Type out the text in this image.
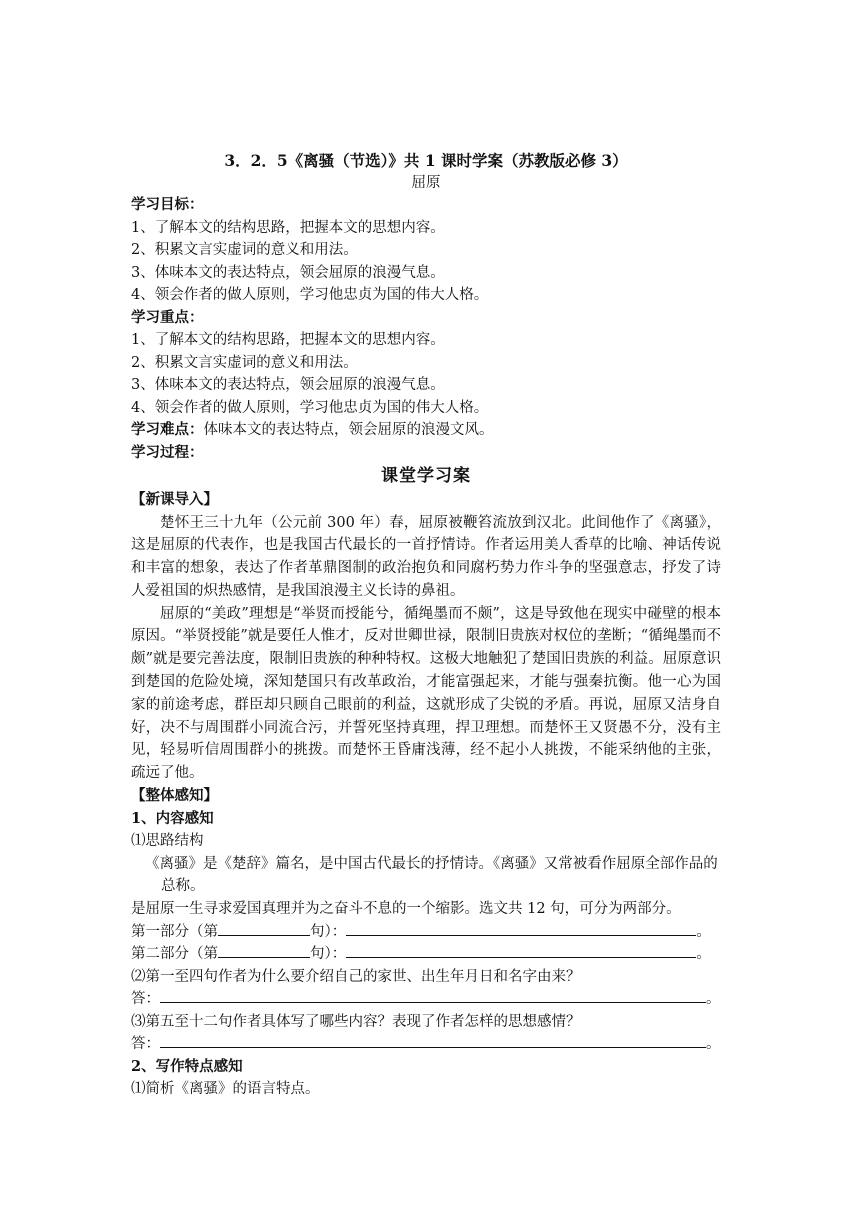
3．2．5《离骚（节选）》共 1 课时学案（苏教版必修 3）
屈原
学习目标：
1、了解本文的结构思路，把握本文的思想内容。
2、积累文言实虚词的意义和用法。
3、体味本文的表达特点，领会屈原的浪漫气息。
4、领会作者的做人原则，学习他忠贞为国的伟大人格。
学习重点：
1、了解本文的结构思路，把握本文的思想内容。
2、积累文言实虚词的意义和用法。
3、体味本文的表达特点，领会屈原的浪漫气息。
4、领会作者的做人原则，学习他忠贞为国的伟大人格。
学习难点：体味本文的表达特点，领会屈原的浪漫文风。
学习过程：
课堂学习案
【新课导入】

楚怀王三十九年（公元前 300 年）春，屈原被鞭笞流放到汉北。此间他作了《离骚》，这是屈原的代表作，也是我国古代最长的一首抒情诗。作者运用美人香草的比喻、神话传说和丰富的想象，表达了作者革鼎图制的政治抱负和同腐朽势力作斗争的坚强意志，抒发了诗人爱祖国的炽热感情，是我国浪漫主义长诗的鼻祖。

屈原的“美政”理想是“举贤而授能兮，循绳墨而不颇”，这是导致他在现实中碰壁的根本原因。“举贤授能”就是要任人惟才，反对世卿世禄，限制旧贵族对权位的垄断；“循绳墨而不颇”就是要完善法度，限制旧贵族的种种特权。这极大地触犯了楚国旧贵族的利益。屈原意识到楚国的危险处境，深知楚国只有改革政治，才能富强起来，才能与强秦抗衡。他一心为国家的前途考虑，群臣却只顾自己眼前的利益，这就形成了尖锐的矛盾。再说，屈原又洁身自好，决不与周围群小同流合污，并誓死坚持真理，捍卫理想。而楚怀王又贤愚不分，没有主见，轻易听信周围群小的挑拨。而楚怀王昏庸浅薄，经不起小人挑拨，不能采纳他的主张，疏远了他。

【整体感知】
1、内容感知
⑴思路结构

《离骚》是《楚辞》篇名，是中国古代最长的抒情诗。《离骚》又常被看作屈原全部作品的总称。

是屈原一生寻求爱国真理并为之奋斗不息的一个缩影。选文共 12 句，可分为两部分。
第一部分（第	句）：	。
第二部分（第	句）：	。
⑵第一至四句作者为什么要介绍自己的家世、出生年月日和名字由来？
答：	。
⑶第五至十二句作者具体写了哪些内容？表现了作者怎样的思想感情？
答：	。
2、写作特点感知
⑴简析《离骚》的语言特点。
